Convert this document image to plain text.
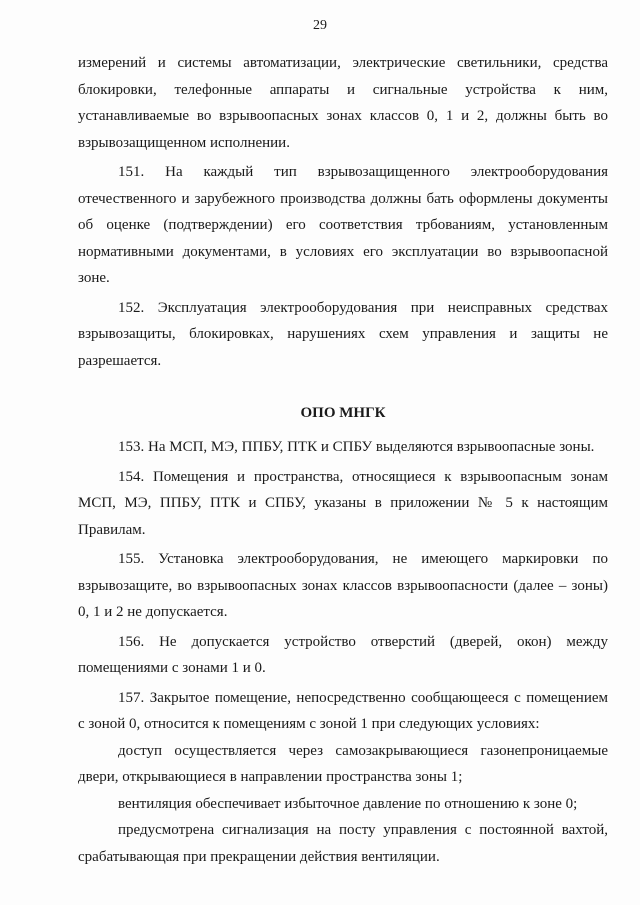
29

измерений и системы автоматизации, электрические светильники, средства блокировки, телефонные аппараты и сигнальные устройства к ним, устанавливаемые во взрывоопасных зонах классов 0, 1 и 2, должны быть во взрывозащищенном исполнении.

151. На каждый тип взрывозащищенного электрооборудования отечественного и зарубежного производства должны бать оформлены документы об оценке (подтверждении) его соответствия трбованиям, установленным нормативными документами, в условиях его эксплуатации во взрывоопасной зоне.

152. Эксплуатация электрооборудования при неисправных средствах взрывозащиты, блокировках, нарушениях схем управления и защиты не разрешается.

ОПО МНГК

153. На МСП, МЭ, ППБУ, ПТК и СПБУ выделяются взрывоопасные зоны.

154. Помещения и пространства, относящиеся к взрывоопасным зонам МСП, МЭ, ППБУ, ПТК и СПБУ, указаны в приложении № 5 к настоящим Правилам.

155. Установка электрооборудования, не имеющего маркировки по взрывозащите, во взрывоопасных зонах классов взрывоопасности (далее – зоны) 0, 1 и 2 не допускается.

156. Не допускается устройство отверстий (дверей, окон) между помещениями с зонами 1 и 0.

157. Закрытое помещение, непосредственно сообщающееся с помещением с зоной 0, относится к помещениям с зоной 1 при следующих условиях:

доступ осуществляется через самозакрывающиеся газонепроницаемые двери, открывающиеся в направлении пространства зоны 1;

вентиляция обеспечивает избыточное давление по отношению к зоне 0;

предусмотрена сигнализация на посту управления с постоянной вахтой, срабатывающая при прекращении действия вентиляции.
